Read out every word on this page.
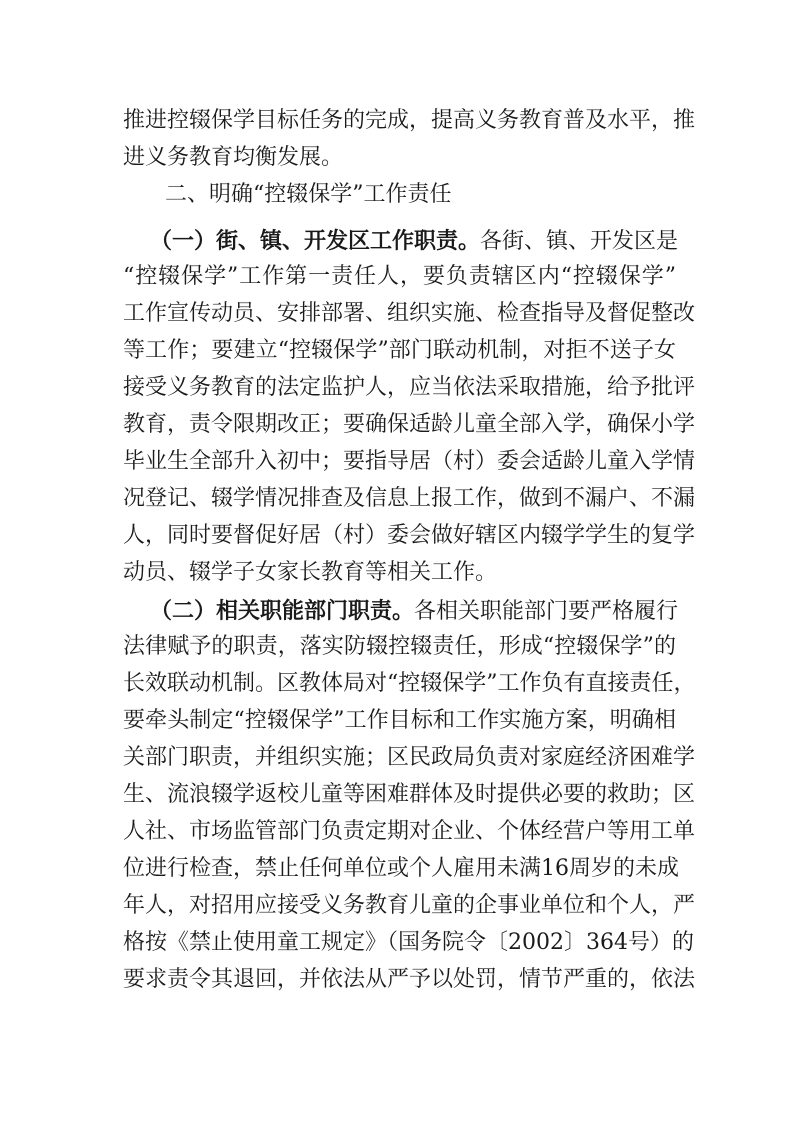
推进控辍保学目标任务的完成，提高义务教育普及水平，推
进义务教育均衡发展。
二、明确“控辍保学”工作责任
（一）街、镇、开发区工作职责。各街、镇、开发区是
“控辍保学”工作第一责任人，要负责辖区内“控辍保学”
工作宣传动员、安排部署、组织实施、检查指导及督促整改
等工作；要建立“控辍保学”部门联动机制，对拒不送子女
接受义务教育的法定监护人，应当依法采取措施，给予批评
教育，责令限期改正；要确保适龄儿童全部入学，确保小学
毕业生全部升入初中；要指导居（村）委会适龄儿童入学情
况登记、辍学情况排查及信息上报工作，做到不漏户、不漏
人，同时要督促好居（村）委会做好辖区内辍学学生的复学
动员、辍学子女家长教育等相关工作。
（二）相关职能部门职责。各相关职能部门要严格履行
法律赋予的职责，落实防辍控辍责任，形成“控辍保学”的
长效联动机制。区教体局对“控辍保学”工作负有直接责任，
要牵头制定“控辍保学”工作目标和工作实施方案，明确相
关部门职责，并组织实施；区民政局负责对家庭经济困难学
生、流浪辍学返校儿童等困难群体及时提供必要的救助；区
人社、市场监管部门负责定期对企业、个体经营户等用工单
位进行检查，禁止任何单位或个人雇用未满16周岁的未成
年人，对招用应接受义务教育儿童的企事业单位和个人，严
格按《禁止使用童工规定》（国务院令〔2002〕364号）的
要求责令其退回，并依法从严予以处罚，情节严重的，依法
